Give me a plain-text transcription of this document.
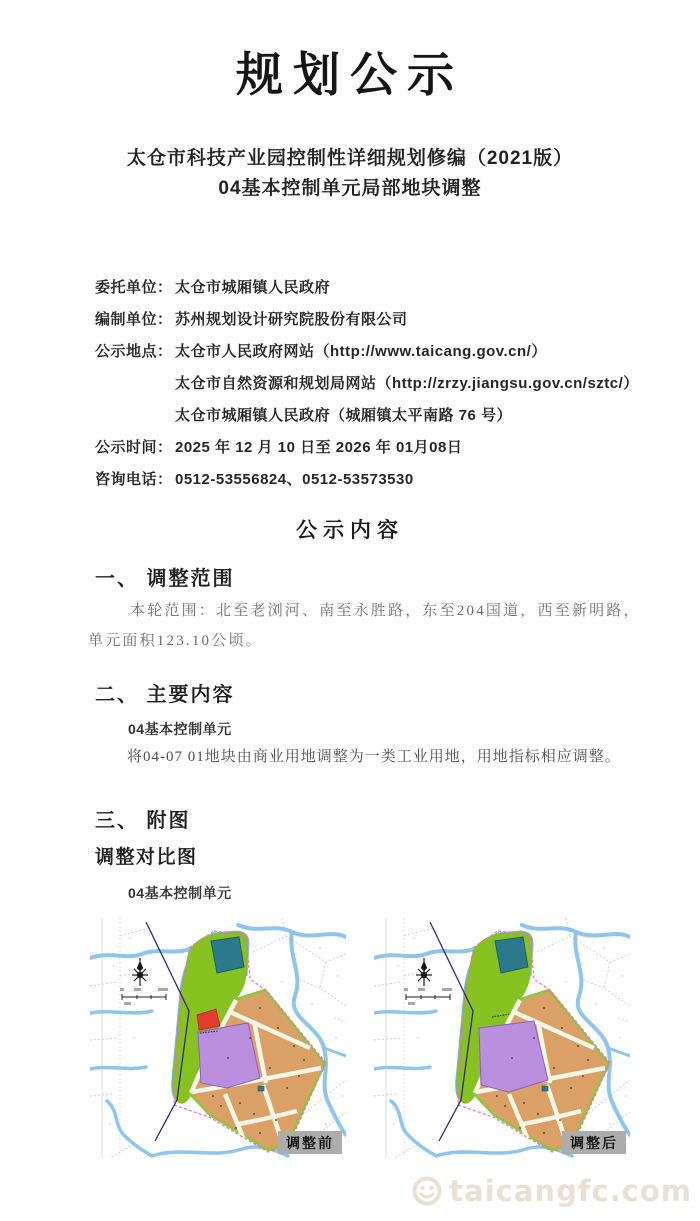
规划公示
太仓市科技产业园控制性详细规划修编（2021版）
04基本控制单元局部地块调整
委托单位： 太仓市城厢镇人民政府
编制单位： 苏州规划设计研究院股份有限公司
公示地点： 太仓市人民政府网站（http://www.taicang.gov.cn/）
太仓市自然资源和规划局网站（http://zrzy.jiangsu.gov.cn/sztc/）
太仓市城厢镇人民政府（城厢镇太平南路 76 号）
公示时间： 2025 年 12 月 10 日至 2026 年 01月08日
咨询电话： 0512-53556824、0512-53573530
公示内容
一、 调整范围
本轮范围：北至老浏河、南至永胜路，东至204国道，西至新明路，单元面积123.10公顷。
二、 主要内容
04基本控制单元
将04-07 01地块由商业用地调整为一类工业用地，用地指标相应调整。
三、 附图
调整对比图
04基本控制单元
调整前	调整后
taicangfc.com
